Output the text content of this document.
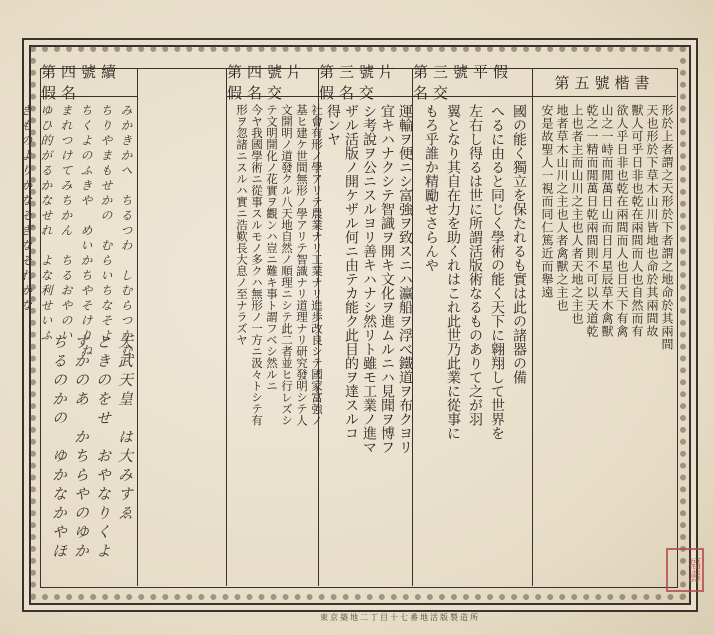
第五號楷書
第三號平假名交
第三號片假名交
第四號片假名交
第四號續假名
形於上者謂之天形於下者謂之地命於其兩間
天也形於下草木山川皆地也命於其兩間故
獸人可乎日非也乾在兩間而人也自然而有
欲人乎日非也乾在兩間而人也日天下有禽
山之一峙而閒萬日山而日月星辰草木禽獸
乾之一精而閒萬日乾兩間則不可以天道乾
上也者主而山川之主也人者天地之主也
地者草木山川之主也人者禽獸之主也
安是故聖人一視而同仁篤近而舉遠
國の能く獨立を保たれるも實は此の諸器の備
へるに由ると同じく學術の能く天下に翱翔して世界を
左右し得るは世に所謂活版術なるものありて之が羽
翼となり其自在力を助くれはこれ此世乃此業に從事に
もろ乎誰か精勵せさらんや
運輸ヲ便ニシ富強ヲ致スニハ瀛船ヲ浮べ鐵道ヲ布クヨリ
宜キハナクシテ智識ヲ開キ文化ヲ進ムルニハ見聞ヲ博フ
シ考說ヲ公ニスルヨリ善キハナシ然リト雖モ工業ノ進マ
ザル活版ノ開ケザル何ニ由テカ能ク此目的ヲ達スルコ
得ンヤ
社會有形ノ學アリテ農業ナリ工業ナリ進歩改良シテ國家富強ノ
基ヒ建ケ世間無形ノ學アリテ智識ナリ道理ナリ研究發明シテ人
文開明ノ道發クル八天地自然ノ順理ニシテ此二者並ヒ行レズシ
テ文明開化ノ花實ヲ觀ンハ豈ニ難キ事ト謂フベシ然ルニ
今ヤ我國學術ニ從事スルモノ多クハ無形ノ一方ニ汲々トシテ有
形ヲ忽諸ニスルハ實ニ浩歎長大息ノ至ナラズヤ
みかきかへ　ちるつわ　しむらつかむ
ちりやまもせかの　むらいちなそよ
ちくよのふきや　めいかちやそけりね
まれつけてみちかん　ちるおやのい
ゆひ的がるかなせれ　よな利せいふ
きものよりかなそぎなそれかな
天武天皇　は大みすゑ
ときのをせ　おやなりくよ
すかのあ　かちらやのゆか
ちるのかの　ゆかなかやほ
東京築地二丁目十七番地活版製造所
福壽
